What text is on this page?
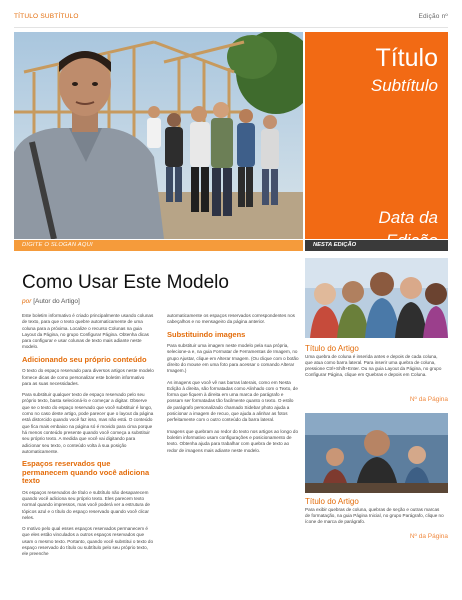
TÍTULO SUBTÍTULO	Edição nº
Título
Subtítulo
Data da
DIGITE O SLOGAN AQUI	NESTA EDIÇÃO
Como Usar Este Modelo
por [Autor do Artigo]

Este boletim informativo é criado principalmente usando colunas de texto, para que o texto quebre automaticamente de uma coluna para a próxima. Localize o recurso Colunas na guia Layout da Página, no grupo Configurar Página. Obtenha dicas para configurar e usar colunas de texto mais adiante neste modelo.

Adicionando seu próprio conteúdo

O texto do espaço reservado para diversos artigos neste modelo fornece dicas de como personalizar este boletim informativo para as suas necessidades.

Para substituir qualquer texto de espaço reservado pelo seu próprio texto, basta selecioná-lo e começar a digitar. Observe que se o texto do espaço reservado que você substituir é longo, como no caso deste artigo, pode parecer que o layout da página está distorcido quando você faz isso, mas não está. O conteúdo que fica mais embaixo na página só é movido para cima porque há menos conteúdo presente quando você começa a substituir seu próprio texto. A medida que você vai digitando para adicionar seu texto, o conteúdo volta à sua posição automaticamente.

Espaços reservados que permanecem quando você adiciona texto

Os espaços reservados de título e subtítulo não desaparecem quando você adiciona seu próprio texto. Eles parecem texto normal quando impressos, mas você poderá ver a estrutura de tópicos azul e o título do espaço reservado quando você clicar neles.

O motivo pelo qual esses espaços reservados permanecem é que eles estão vinculados a outros espaços reservados que usam o mesmo texto. Portanto, quando você substitui o texto do espaço reservado do título ou subtítulo pelo seu próprio texto, ele preenche

automaticamente os espaços reservados correspondentes nos cabeçalhos e no mensageiro da página anterior.

Substituindo imagens

Para substituir uma imagem neste modelo pela sua própria, selecione-a e, na guia Formatar de Ferramentas de Imagem, no grupo Ajustar, clique em Alterar Imagem. (Ou clique com o botão direito do mouse em uma foto para acessar o comando Alterar Imagem.)

As imagens que você vê nas barras laterais, como em Nesta Edição à direita, são formatadas como Alinhado com o Texto, de forma que fiquem à direita em uma marca de parágrafo e possam ser formatadas tão facilmente quanto o texto. O estilo de parágrafo personalizado chamado Sidebar photo ajuda a posicionar a imagem de recuo, que ajuda a alinhar as fotos perfeitamente com o outro conteúdo da barra lateral.

Imagens que quebram ao redor do texto nos artigos ao longo do boletim informativo usam configurações e posicionamento de texto. Obtenha ajuda para trabalhar com quebra de texto ao redor de imagens mais adiante neste modelo.

Título do Artigo
Uma quebra de coluna é inserida antes e depois de cada coluna, que atua como barra lateral. Para inserir uma quebra de coluna, pressione Ctrl+Shift+Enter. Ou na guia Layout da Página, no grupo Configurar Página, clique em Quebras e depois em Coluna.
Nº da Página
Título do Artigo
Para exibir quebras de coluna, quebras de seção e outras marcas de formatação, na guia Página Inicial, no grupo Parágrafo, clique no ícone de marca de parágrafo.
Nº da Página
